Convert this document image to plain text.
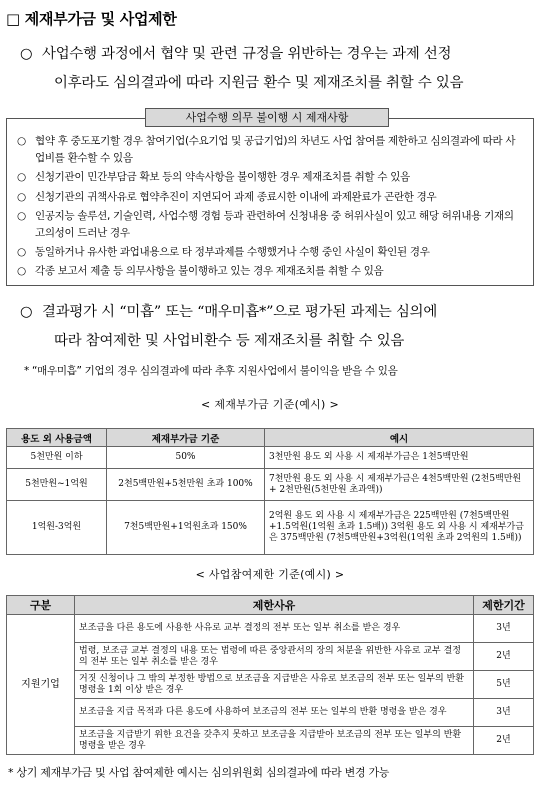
□ 제재부가금 및 사업제한
○ 사업수행 과정에서 협약 및 관련 규정을 위반하는 경우는 과제 선정
이후라도 심의결과에 따라 지원금 환수 및 제재조치를 취할 수 있음
○ 협약 후 중도포기할 경우 참여기업(수요기업 및 공급기업)의 차년도 사업 참여를 제한하고 심의결과에 따라 사업비를 환수할 수 있음
○ 신청기관이 민간부담금 확보 등의 약속사항을 불이행한 경우 제재조치를 취할 수 있음
○ 신청기관의 귀책사유로 협약추진이 지연되어 과제 종료시한 이내에 과제완료가 곤란한 경우
○ 인공지능 솔루션, 기술인력, 사업수행 경험 등과 관련하여 신청내용 중 허위사실이 있고 해당 허위내용 기재의 고의성이 드러난 경우
○ 동일하거나 유사한 과업내용으로 타 정부과제를 수행했거나 수행 중인 사실이 확인된 경우
○ 각종 보고서 제출 등 의무사항을 불이행하고 있는 경우 제재조치를 취할 수 있음
사업수행 의무 불이행 시 제재사항
○ 결과평가 시 “미흡” 또는 “매우미흡*”으로 평가된 과제는 심의에
따라 참여제한 및 사업비환수 등 제재조치를 취할 수 있음
* “매우미흡” 기업의 경우 심의결과에 따라 추후 지원사업에서 불이익을 받을 수 있음
< 제재부가금 기준(예시) >
용도 외 사용금액	제재부가금 기준	예시
5천만원 이하	50%	3천만원 용도 외 사용 시 제재부가금은 1천5백만원
5천만원~1억원	2천5백만원+5천만원 초과 100%	7천만원 용도 외 사용 시 제재부가금은 4천5백만원 (2천5백만원 + 2천만원(5천만원 초과액))
1억원-3억원	7천5백만원+1억원초과 150%	2억원 용도 외 사용 시 제재부가금은 225백만원 (7천5백만원+1.5억원(1억원 초과 1.5배)) 3억원 용도 외 사용 시 제재부가금은 375백만원 (7천5백만원+3억원(1억원 초과 2억원의 1.5배))
< 사업참여제한 기준(예시) >
구분	제한사유	제한기간
지원기업	보조금을 다른 용도에 사용한 사유로 교부 결정의 전부 또는 일부 취소를 받은 경우	3년
	법령, 보조금 교부 결정의 내용 또는 법령에 따른 중앙관서의 장의 처분을 위반한 사유로 교부 결정의 전부 또는 일부 취소를 받은 경우	2년
	거짓 신청이나 그 밖의 부정한 방법으로 보조금을 지급받은 사유로 보조금의 전부 또는 일부의 반환명령을 1회 이상 받은 경우	5년
	보조금을 지급 목적과 다른 용도에 사용하여 보조금의 전부 또는 일부의 반환 명령을 받은 경우	3년
	보조금을 지급받기 위한 요건을 갖추지 못하고 보조금을 지급받아 보조금의 전부 또는 일부의 반환명령을 받은 경우	2년
* 상기 제재부가금 및 사업 참여제한 예시는 심의위원회 심의결과에 따라 변경 가능
